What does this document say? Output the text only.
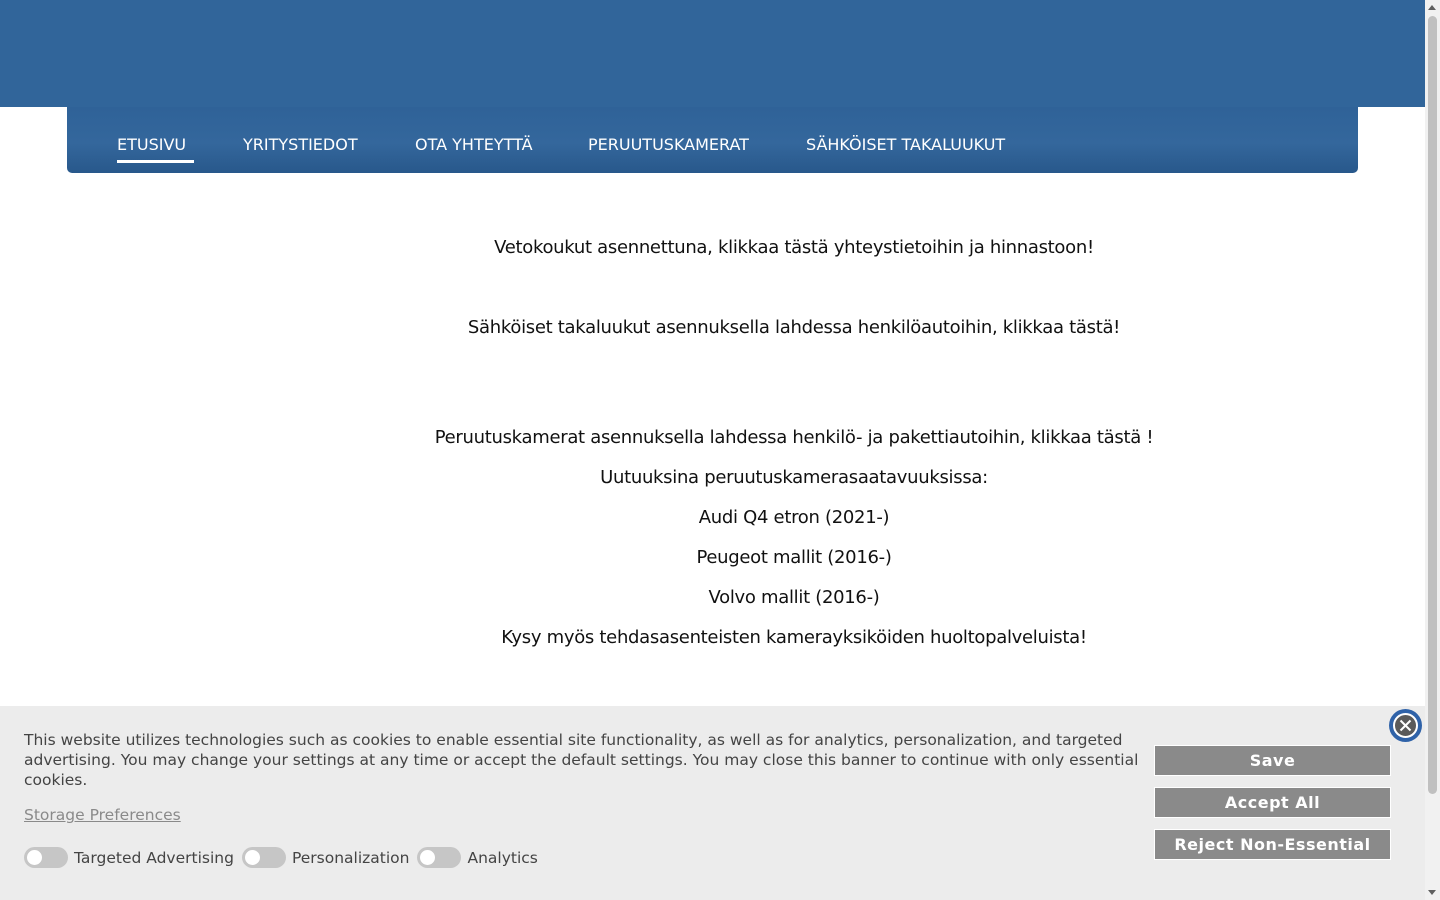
ETUSIVU	YRITYSTIEDOT	OTA YHTEYTTÄ	PERUUTUSKAMERAT	SÄHKÖISET TAKALUUKUT
Vetokoukut asennettuna, klikkaa tästä yhteystietoihin ja hinnastoon!
Sähköiset takaluukut asennuksella lahdessa henkilöautoihin, klikkaa tästä!
Peruutuskamerat asennuksella lahdessa henkilö- ja pakettiautoihin, klikkaa tästä !
Uutuuksina peruutuskamerasaatavuuksissa:
Audi Q4 etron (2021-)
Peugeot mallit (2016-)
Volvo mallit (2016-)
Kysy myös tehdasasenteisten kamerayksiköiden huoltopalveluista!

This website utilizes technologies such as cookies to enable essential site functionality, as well as for analytics, personalization, and targeted advertising. You may change your settings at any time or accept the default settings. You may close this banner to continue with only essential cookies.

Storage Preferences
Targeted Advertising	Personalization	Analytics
Save
Accept All
Reject Non-Essential
